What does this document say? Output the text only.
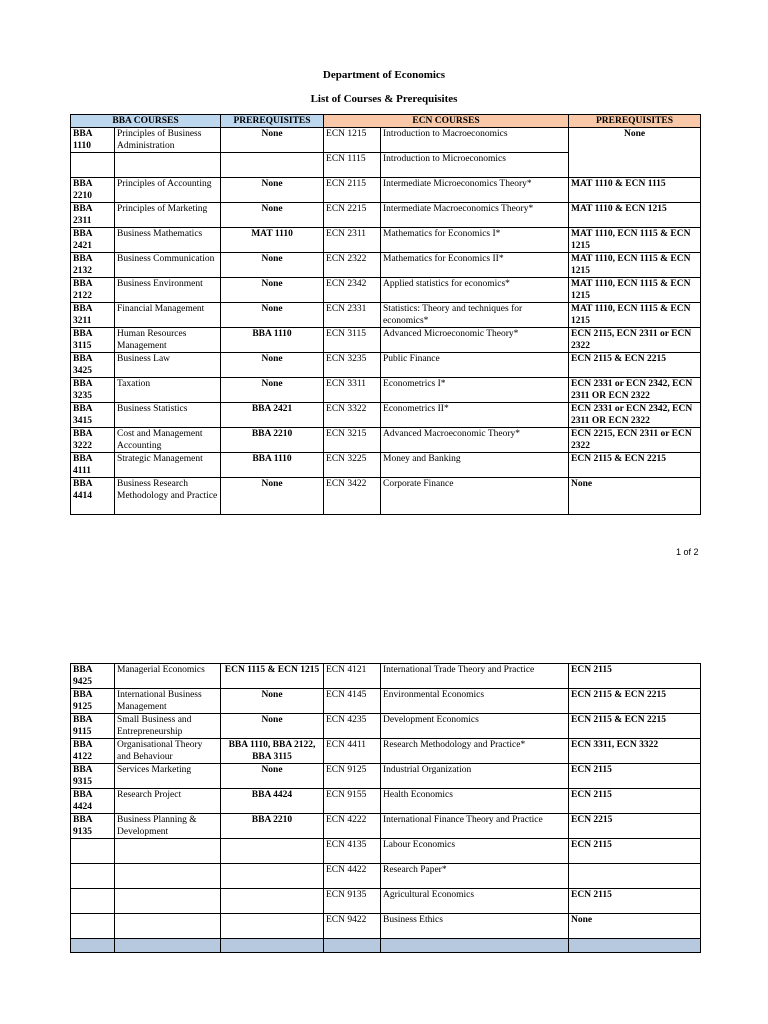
Department of Economics
List of Courses & Prerequisites
BBA COURSES		PREREQUISITES	ECN COURSES		PREREQUISITES
BBA 1110	Principles of Business Administration	None	ECN 1215	Introduction to Macroeconomics	None
			ECN 1115	Introduction to Microeconomics	
BBA 2210	Principles of Accounting	None	ECN 2115	Intermediate Microeconomics Theory*	MAT 1110 & ECN 1115
BBA 2311	Principles of Marketing	None	ECN 2215	Intermediate Macroeconomics Theory*	MAT 1110 & ECN 1215
BBA 2421	Business Mathematics	MAT 1110	ECN 2311	Mathematics for Economics I*	MAT 1110, ECN 1115 & ECN 1215
BBA 2132	Business Communication	None	ECN 2322	Mathematics for Economics II*	MAT 1110, ECN 1115 & ECN 1215
BBA 2122	Business Environment	None	ECN 2342	Applied statistics for economics*	MAT 1110, ECN 1115 & ECN 1215
BBA 3211	Financial Management	None	ECN 2331	Statistics: Theory and techniques for economics*	MAT 1110, ECN 1115 & ECN 1215
BBA 3115	Human Resources Management	BBA 1110	ECN 3115	Advanced Microeconomic Theory*	ECN 2115, ECN 2311 or ECN 2322
BBA 3425	Business Law	None	ECN 3235	Public Finance	ECN 2115 & ECN 2215
BBA 3235	Taxation	None	ECN 3311	Econometrics I*	ECN 2331 or ECN 2342, ECN 2311 OR ECN 2322
BBA 3415	Business Statistics	BBA 2421	ECN 3322	Econometrics II*	ECN 2331 or ECN 2342, ECN 2311 OR ECN 2322
BBA 3222	Cost and Management Accounting	BBA 2210	ECN 3215	Advanced Macroeconomic Theory*	ECN 2215, ECN 2311 or ECN 2322
BBA 4111	Strategic Management	BBA 1110	ECN 3225	Money and Banking	ECN 2115 & ECN 2215
BBA 4414	Business Research Methodology and Practice	None	ECN 3422	Corporate Finance	None
1 of 2
BBA 9425	Managerial Economics	ECN 1115 & ECN 1215	ECN 4121	International Trade Theory and Practice	ECN 2115
BBA 9125	International Business Management	None	ECN 4145	Environmental Economics	ECN 2115 & ECN 2215
BBA 9115	Small Business and Entrepreneurship	None	ECN 4235	Development Economics	ECN 2115 & ECN 2215
BBA 4122	Organisational Theory and Behaviour	BBA 1110, BBA 2122, BBA 3115	ECN 4411	Research Methodology and Practice*	ECN 3311, ECN 3322
BBA 9315	Services Marketing	None	ECN 9125	Industrial Organization	ECN 2115
BBA 4424	Research Project	BBA 4424	ECN 9155	Health Economics	ECN 2115
BBA 9135	Business Planning & Development	BBA 2210	ECN 4222	International Finance Theory and Practice	ECN 2215
			ECN 4135	Labour Economics	ECN 2115
			ECN 4422	Research Paper*	
			ECN 9135	Agricultural Economics	ECN 2115
			ECN 9422	Business Ethics	None
